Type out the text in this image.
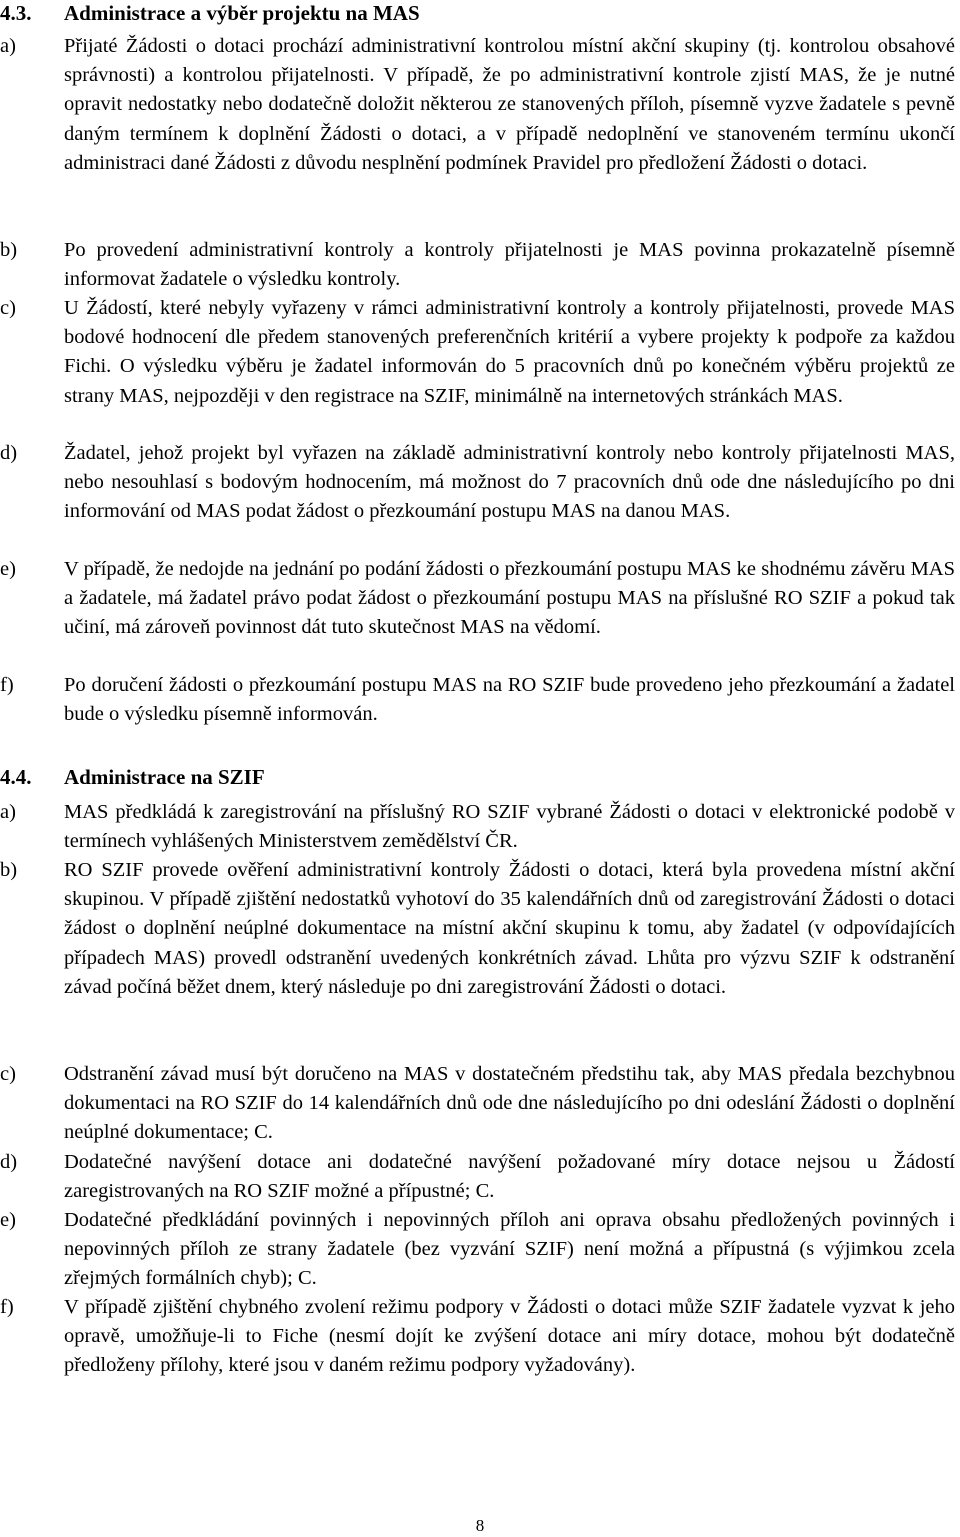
4.3. Administrace a výběr projektu na MAS
a)	Přijaté Žádosti o dotaci prochází administrativní kontrolou místní akční skupiny (tj. kontrolou obsahové správnosti) a kontrolou přijatelnosti. V případě, že po administrativní kontrole zjistí MAS, že je nutné opravit nedostatky nebo dodatečně doložit některou ze stanovených příloh, písemně vyzve žadatele s pevně daným termínem k doplnění Žádosti o dotaci, a v případě nedoplnění ve stanoveném termínu ukončí administraci dané Žádosti z důvodu nesplnění podmínek Pravidel pro předložení Žádosti o dotaci.
b)	Po provedení administrativní kontroly a kontroly přijatelnosti je MAS povinna prokazatelně písemně informovat žadatele o výsledku kontroly.
c)	U Žádostí, které nebyly vyřazeny v rámci administrativní kontroly a kontroly přijatelnosti, provede MAS bodové hodnocení dle předem stanovených preferenčních kritérií a vybere projekty k podpoře za každou Fichi. O výsledku výběru je žadatel informován do 5 pracovních dnů po konečném výběru projektů ze strany MAS, nejpozději v den registrace na SZIF, minimálně na internetových stránkách MAS.
d)	Žadatel, jehož projekt byl vyřazen na základě administrativní kontroly nebo kontroly přijatelnosti MAS, nebo nesouhlasí s bodovým hodnocením, má možnost do 7 pracovních dnů ode dne následujícího po dni informování od MAS podat žádost o přezkoumání postupu MAS na danou MAS.
e)	V případě, že nedojde na jednání po podání žádosti o přezkoumání postupu MAS ke shodnému závěru MAS a žadatele, má žadatel právo podat žádost o přezkoumání postupu MAS na příslušné RO SZIF a pokud tak učiní, má zároveň povinnost dát tuto skutečnost MAS na vědomí.
f)	Po doručení žádosti o přezkoumání postupu MAS na RO SZIF bude provedeno jeho přezkoumání a žadatel bude o výsledku písemně informován.
4.4. Administrace na SZIF
a)	MAS předkládá k zaregistrování na příslušný RO SZIF vybrané Žádosti o dotaci v elektronické podobě v termínech vyhlášených Ministerstvem zemědělství ČR.
b)	RO SZIF provede ověření administrativní kontroly Žádosti o dotaci, která byla provedena místní akční skupinou. V případě zjištění nedostatků vyhotoví do 35 kalendářních dnů od zaregistrování Žádosti o dotaci žádost o doplnění neúplné dokumentace na místní akční skupinu k tomu, aby žadatel (v odpovídajících případech MAS) provedl odstranění uvedených konkrétních závad. Lhůta pro výzvu SZIF k odstranění závad počíná běžet dnem, který následuje po dni zaregistrování Žádosti o dotaci.
c)	Odstranění závad musí být doručeno na MAS v dostatečném předstihu tak, aby MAS předala bezchybnou dokumentaci na RO SZIF do 14 kalendářních dnů ode dne následujícího po dni odeslání Žádosti o doplnění neúplné dokumentace; C.
d)	Dodatečné navýšení dotace ani dodatečné navýšení požadované míry dotace nejsou u Žádostí zaregistrovaných na RO SZIF možné a přípustné; C.
e)	Dodatečné předkládání povinných i nepovinných příloh ani oprava obsahu předložených povinných i nepovinných příloh ze strany žadatele (bez vyzvání SZIF) není možná a přípustná (s výjimkou zcela zřejmých formálních chyb); C.
f)	V případě zjištění chybného zvolení režimu podpory v Žádosti o dotaci může SZIF žadatele vyzvat k jeho opravě, umožňuje-li to Fiche (nesmí dojít ke zvýšení dotace ani míry dotace, mohou být dodatečně předloženy přílohy, které jsou v daném režimu podpory vyžadovány).
8
